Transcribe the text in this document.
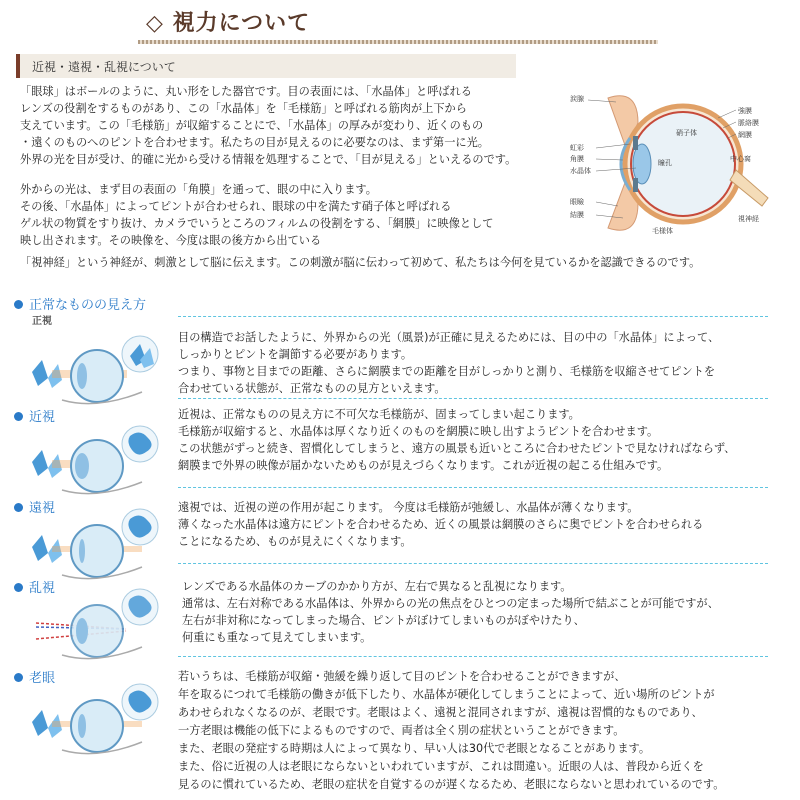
◇ 視力について
近視・遠視・乱視について
「眼球」はボールのように、丸い形をした器官です。目の表面には、「水晶体」と呼ばれる
レンズの役割をするものがあり、この「水晶体」を「毛様筋」と呼ばれる筋肉が上下から
支えています。この「毛様筋」が収縮することにで、「水晶体」の厚みが変わり、近くのもの
・遠くのものへのピントを合わせます。私たちの目が見えるのに必要なのは、まず第一に光。
外界の光を目が受け、的確に光から受ける情報を処理することで、「目が見える」といえるのです。
外からの光は、まず目の表面の「角膜」を通って、眼の中に入ります。
その後、「水晶体」によってピントが合わせられ、眼球の中を満たす硝子体と呼ばれる
ゲル状の物質をすり抜け、カメラでいうところのフィルムの役割をする、「網膜」に映像として
映し出されます。その映像を、今度は眼の後方から出ている
「視神経」という神経が、刺激として脳に伝えます。この刺激が脳に伝わって初めて、私たちは今何を見ているかを認識できるのです。
涙腺
強膜
脈絡膜
網膜
硝子体
虹彩
角膜	瞳孔
水晶体
中心窩
眼瞼
結膜
毛様体
視神経
正常なものの見え方
正視
目の構造でお話したように、外界からの光（風景)が正確に見えるためには、目の中の「水晶体」によって、
しっかりとピントを調節する必要があります。
つまり、事物と目までの距離、さらに網膜までの距離を目がしっかりと測り、毛様筋を収縮させてピントを
合わせている状態が、正常なものの見方といえます。
近視	近視は、正常なものの見え方に不可欠な毛様筋が、固まってしまい起こります。
毛様筋が収縮すると、水晶体は厚くなり近くのものを網膜に映し出すようピントを合わせます。
この状態がずっと続き、習慣化してしまうと、遠方の風景も近いところに合わせたピントで見なければならず、
網膜まで外界の映像が届かないためものが見えづらくなります。これが近視の起こる仕組みです。
遠視	遠視では、近視の逆の作用が起こります。 今度は毛様筋が弛緩し、水晶体が薄くなります。
薄くなった水晶体は遠方にピントを合わせるため、近くの風景は網膜のさらに奥でピントを合わせられる
ことになるため、ものが見えにくくなります。
乱視	レンズである水晶体のカーブのかかり方が、左右で異なると乱視になります。
通常は、左右対称である水晶体は、外界からの光の焦点をひとつの定まった場所で結ぶことが可能ですが、
左右が非対称になってしまった場合、ピントがぼけてしまいものがぼやけたり、
何重にも重なって見えてしまいます。
老眼	若いうちは、毛様筋が収縮・弛緩を繰り返して目のピントを合わせることができますが、
年を取るにつれて毛様筋の働きが低下したり、水晶体が硬化してしまうことによって、近い場所のピントが
あわせられなくなるのが、老眼です。老眼はよく、遠視と混同されますが、遠視は習慣的なものであり、
一方老眼は機能の低下によるものですので、両者は全く別の症状ということができます。
また、老眼の発症する時期は人によって異なり、早い人は30代で老眼となることがあります。
また、俗に近視の人は老眼にならないといわれていますが、これは間違い。近眼の人は、普段から近くを
見るのに慣れているため、老眼の症状を自覚するのが遅くなるため、老眼にならないと思われているのです。
